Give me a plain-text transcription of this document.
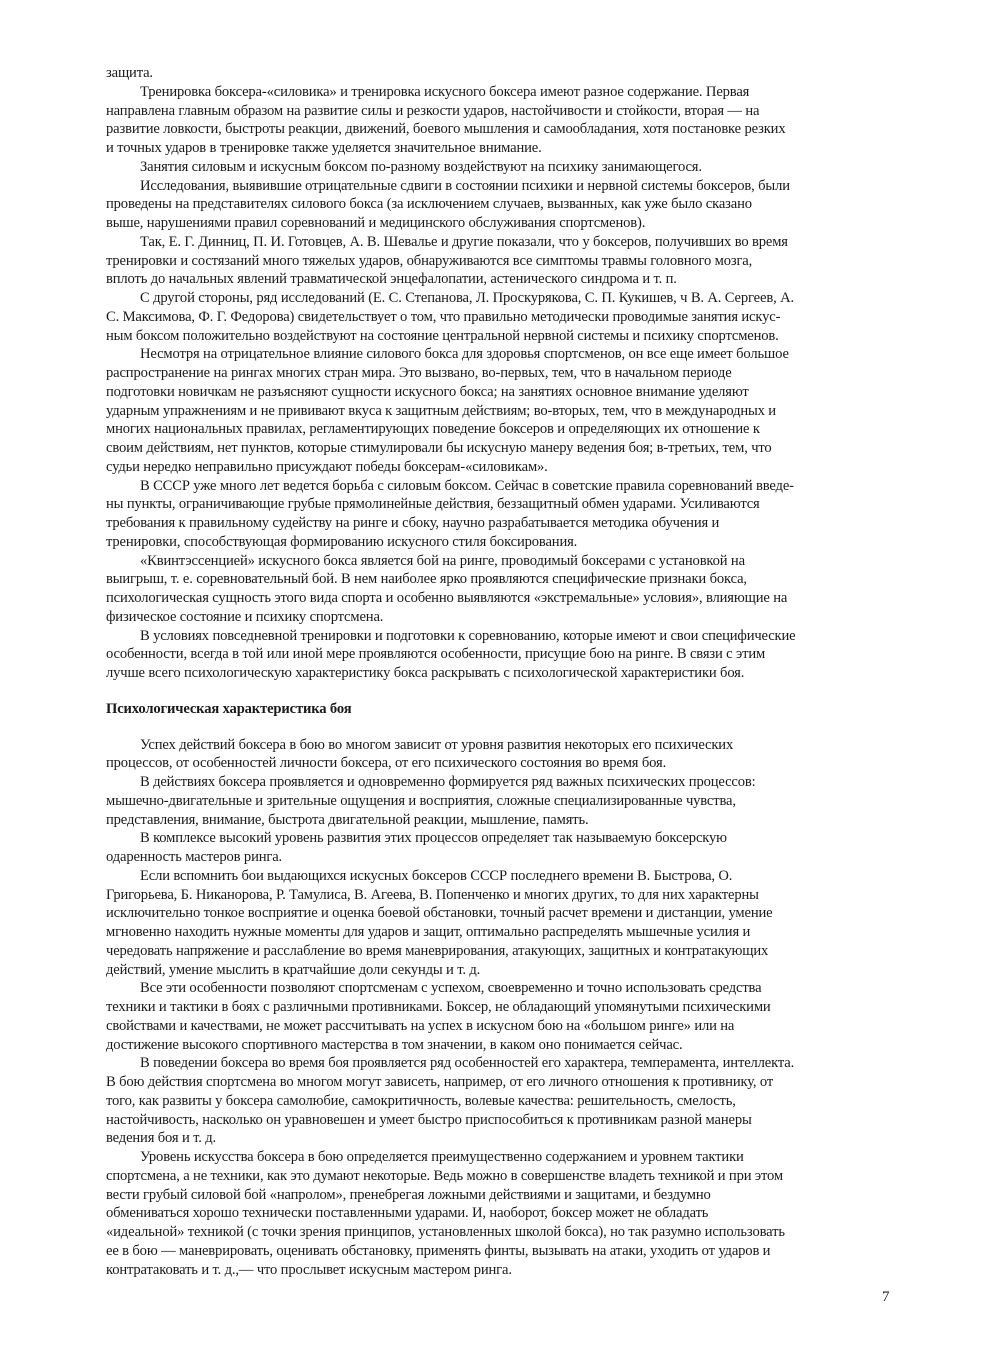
защита.
Тренировка боксера-«силовика» и тренировка искусного боксера имеют разное содержание. Первая
направлена главным образом на развитие силы и резкости ударов, настойчивости и стойкости, вторая — на
развитие ловкости, быстроты реакции, движений, боевого мышления и самообладания, хотя постановке резких
и точных ударов в тренировке также уделяется значительное внимание.
Занятия силовым и искусным боксом по-разному воздействуют на психику занимающегося.
Исследования, выявившие отрицательные сдвиги в состоянии психики и нервной системы боксеров, были
проведены на представителях силового бокса (за исключением случаев, вызванных, как уже было сказано
выше, нарушениями правил соревнований и медицинского обслуживания спортсменов).
Так, Е. Г. Динниц, П. И. Готовцев, А. В. Шевалье и другие показали, что у боксеров, получивших во время
тренировки и состязаний много тяжелых ударов, обнаруживаются все симптомы травмы головного мозга,
вплоть до начальных явлений травматической энцефалопатии, астенического синдрома и т. п.
С другой стороны, ряд исследований (Е. С. Степанова, Л. Проскурякова, С. П. Кукишев, ч В. А. Сергеев, А.
С. Максимова, Ф. Г. Федорова) свидетельствует о том, что правильно методически проводимые занятия искус-
ным боксом положительно воздействуют на состояние центральной нервной системы и психику спортсменов.
Несмотря на отрицательное влияние силового бокса для здоровья спортсменов, он все еще имеет большое
распространение на рингах многих стран мира. Это вызвано, во-первых, тем, что в начальном периоде
подготовки новичкам не разъясняют сущности искусного бокса; на занятиях основное внимание уделяют
ударным упражнениям и не прививают вкуса к защитным действиям; во-вторых, тем, что в международных и
многих национальных правилах, регламентирующих поведение боксеров и определяющих их отношение к
своим действиям, нет пунктов, которые стимулировали бы искусную манеру ведения боя; в-третьих, тем, что
судьи нередко неправильно присуждают победы боксерам-«силовикам».
В СССР уже много лет ведется борьба с силовым боксом. Сейчас в советские правила соревнований введе-
ны пункты, ограничивающие грубые прямолинейные действия, беззащитный обмен ударами. Усиливаются
требования к правильному судейству на ринге и сбоку, научно разрабатывается методика обучения и
тренировки, способствующая формированию искусного стиля боксирования.
«Квинтэссенцией» искусного бокса является бой на ринге, проводимый боксерами с установкой на
выигрыш, т. е. соревновательный бой. В нем наиболее ярко проявляются специфические признаки бокса,
психологическая сущность этого вида спорта и особенно выявляются «экстремальные» условия», влияющие на
физическое состояние и психику спортсмена.
В условиях повседневной тренировки и подготовки к соревнованию, которые имеют и свои специфические
особенности, всегда в той или иной мере проявляются особенности, присущие бою на ринге. В связи с этим
лучше всего психологическую характеристику бокса раскрывать с психологической характеристики боя.
Психологическая характеристика боя
Успех действий боксера в бою во многом зависит от уровня развития некоторых его психических
процессов, от особенностей личности боксера, от его психического состояния во время боя.
В действиях боксера проявляется и одновременно формируется ряд важных психических процессов:
мышечно-двигательные и зрительные ощущения и восприятия, сложные специализированные чувства,
представления, внимание, быстрота двигательной реакции, мышление, память.
В комплексе высокий уровень развития этих процессов определяет так называемую боксерскую
одаренность мастеров ринга.
Если вспомнить бои выдающихся искусных боксеров СССР последнего времени В. Быстрова, О.
Григорьева, Б. Никанорова, Р. Тамулиса, В. Агеева, В. Попенченко и многих других, то для них характерны
исключительно тонкое восприятие и оценка боевой обстановки, точный расчет времени и дистанции, умение
мгновенно находить нужные моменты для ударов и защит, оптимально распределять мышечные усилия и
чередовать напряжение и расслабление во время маневрирования, атакующих, защитных и контратакующих
действий, умение мыслить в кратчайшие доли секунды и т. д.
Все эти особенности позволяют спортсменам с успехом, своевременно и точно использовать средства
техники и тактики в боях с различными противниками. Боксер, не обладающий упомянутыми психическими
свойствами и качествами, не может рассчитывать на успех в искусном бою на «большом ринге» или на
достижение высокого спортивного мастерства в том значении, в каком оно понимается сейчас.
В поведении боксера во время боя проявляется ряд особенностей его характера, темперамента, интеллекта.
В бою действия спортсмена во многом могут зависеть, например, от его личного отношения к противнику, от
того, как развиты у боксера самолюбие, самокритичность, волевые качества: решительность, смелость,
настойчивость, насколько он уравновешен и умеет быстро приспособиться к противникам разной манеры
ведения боя и т. д.
Уровень искусства боксера в бою определяется преимущественно содержанием и уровнем тактики
спортсмена, а не техники, как это думают некоторые. Ведь можно в совершенстве владеть техникой и при этом
вести грубый силовой бой «напролом», пренебрегая ложными действиями и защитами, и бездумно
обмениваться хорошо технически поставленными ударами. И, наоборот, боксер может не обладать
«идеальной» техникой (с точки зрения принципов, установленных школой бокса), но так разумно использовать
ее в бою — маневрировать, оценивать обстановку, применять финты, вызывать на атаки, уходить от ударов и
контратаковать и т. д.,— что прослывет искусным мастером ринга.
7
